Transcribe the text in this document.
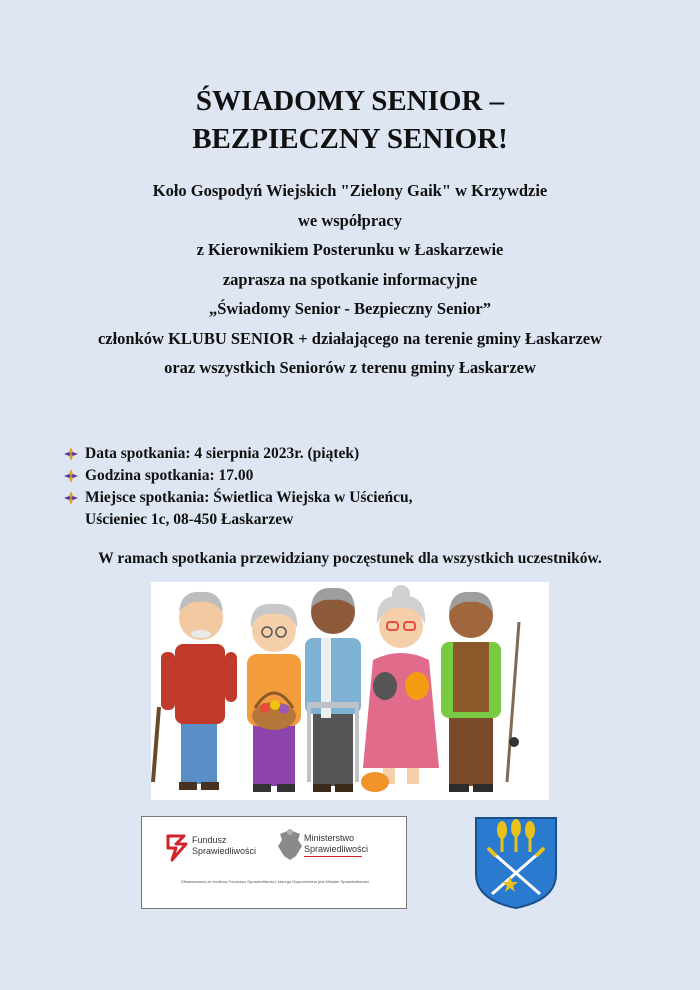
ŚWIADOMY SENIOR –
BEZPIECZNY SENIOR!
Koło Gospodyń Wiejskich "Zielony Gaik" w Krzywdzie
we współpracy
z Kierownikiem Posterunku w Łaskarzewie
zaprasza na spotkanie informacyjne
„Świadomy Senior - Bezpieczny Senior”
członków KLUBU SENIOR + działającego na terenie gminy Łaskarzew
oraz wszystkich Seniorów z terenu gminy Łaskarzew
Data spotkania: 4 sierpnia 2023r. (piątek)
Godzina spotkania: 17.00
Miejsce spotkania: Świetlica Wiejska w Uścieńcu,
Uścieniec 1c, 08-450 Łaskarzew
W ramach spotkania przewidziany poczęstunek dla wszystkich uczestników.
Fundusz
Sprawiedliwości
Ministerstwo
Sprawiedliwości
Sfinansowano ze środków Funduszu Sprawiedliwości, którego Dysponentem jest Minister Sprawiedliwości
